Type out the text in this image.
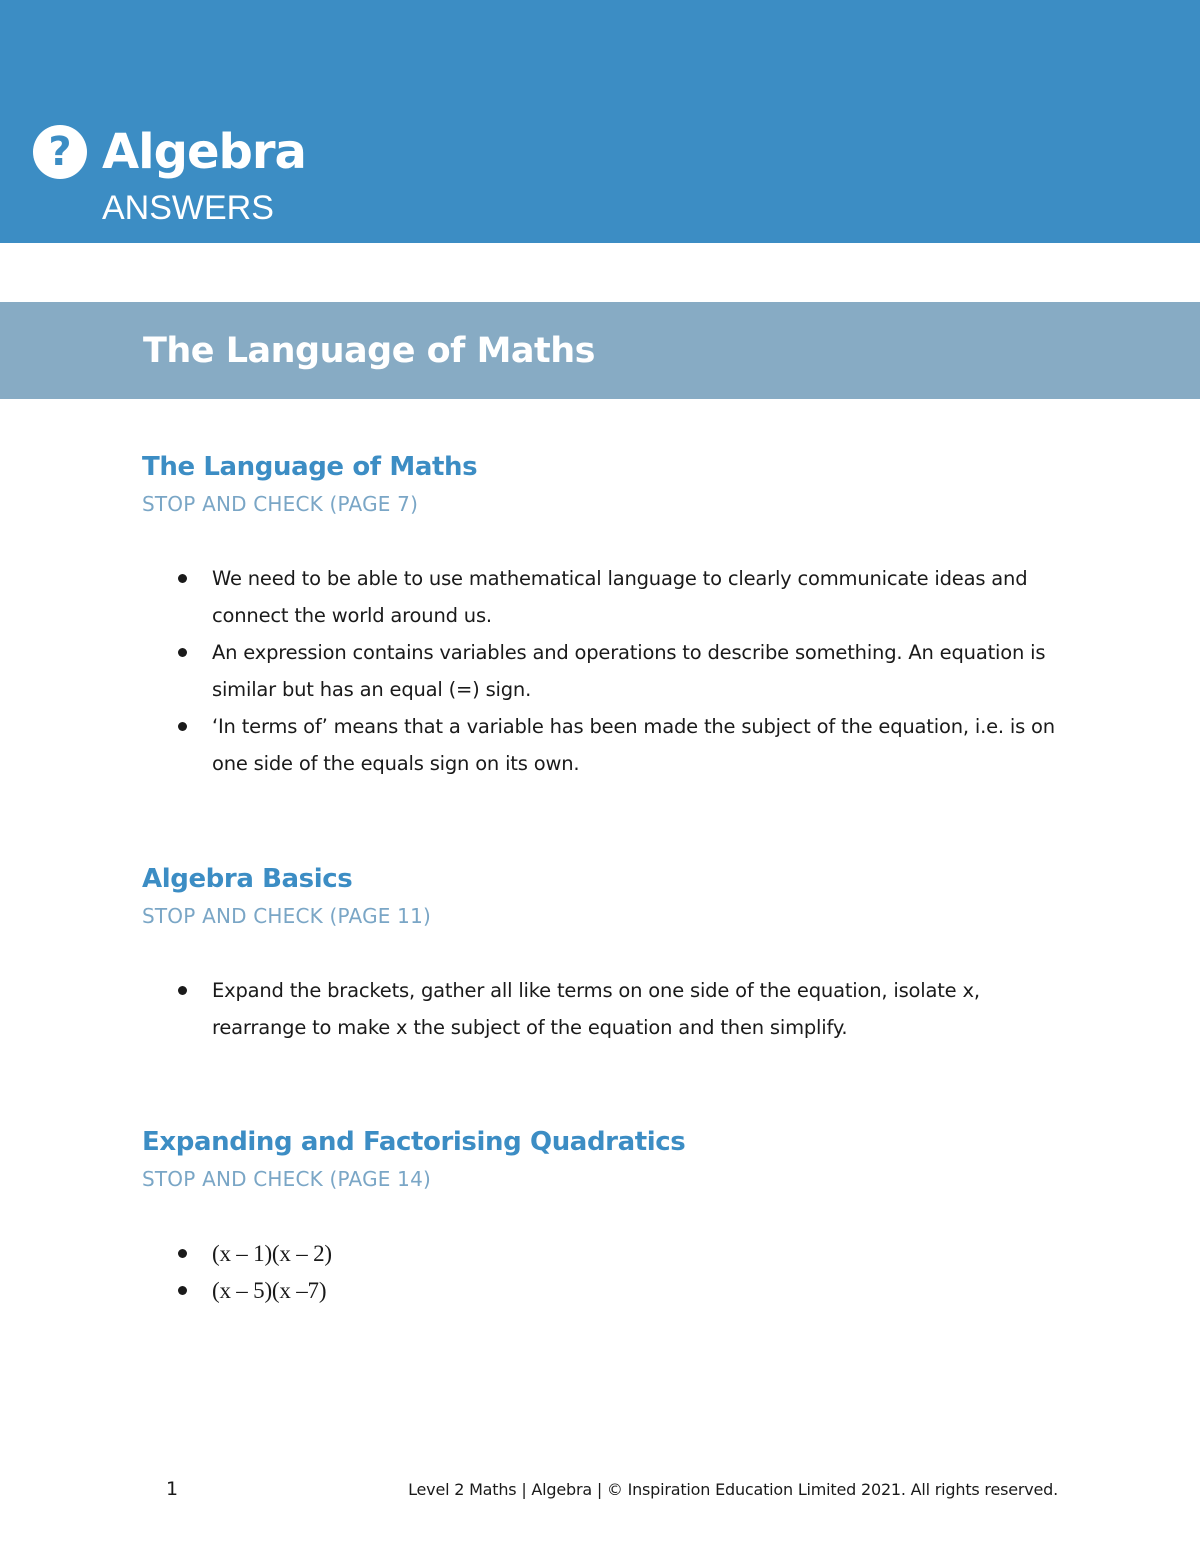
? Algebra
ANSWERS
The Language of Maths
The Language of Maths
STOP AND CHECK (PAGE 7)
We need to be able to use mathematical language to clearly communicate ideas and connect the world around us.
An expression contains variables and operations to describe something. An equation is similar but has an equal (=) sign.
‘In terms of’ means that a variable has been made the subject of the equation, i.e. is on one side of the equals sign on its own.
Algebra Basics
STOP AND CHECK (PAGE 11)
Expand the brackets, gather all like terms on one side of the equation, isolate x, rearrange to make x the subject of the equation and then simplify.
Expanding and Factorising Quadratics
STOP AND CHECK (PAGE 14)
(x – 1)(x – 2)
(x – 5)(x –7)
1	Level 2 Maths | Algebra | © Inspiration Education Limited 2021. All rights reserved.
